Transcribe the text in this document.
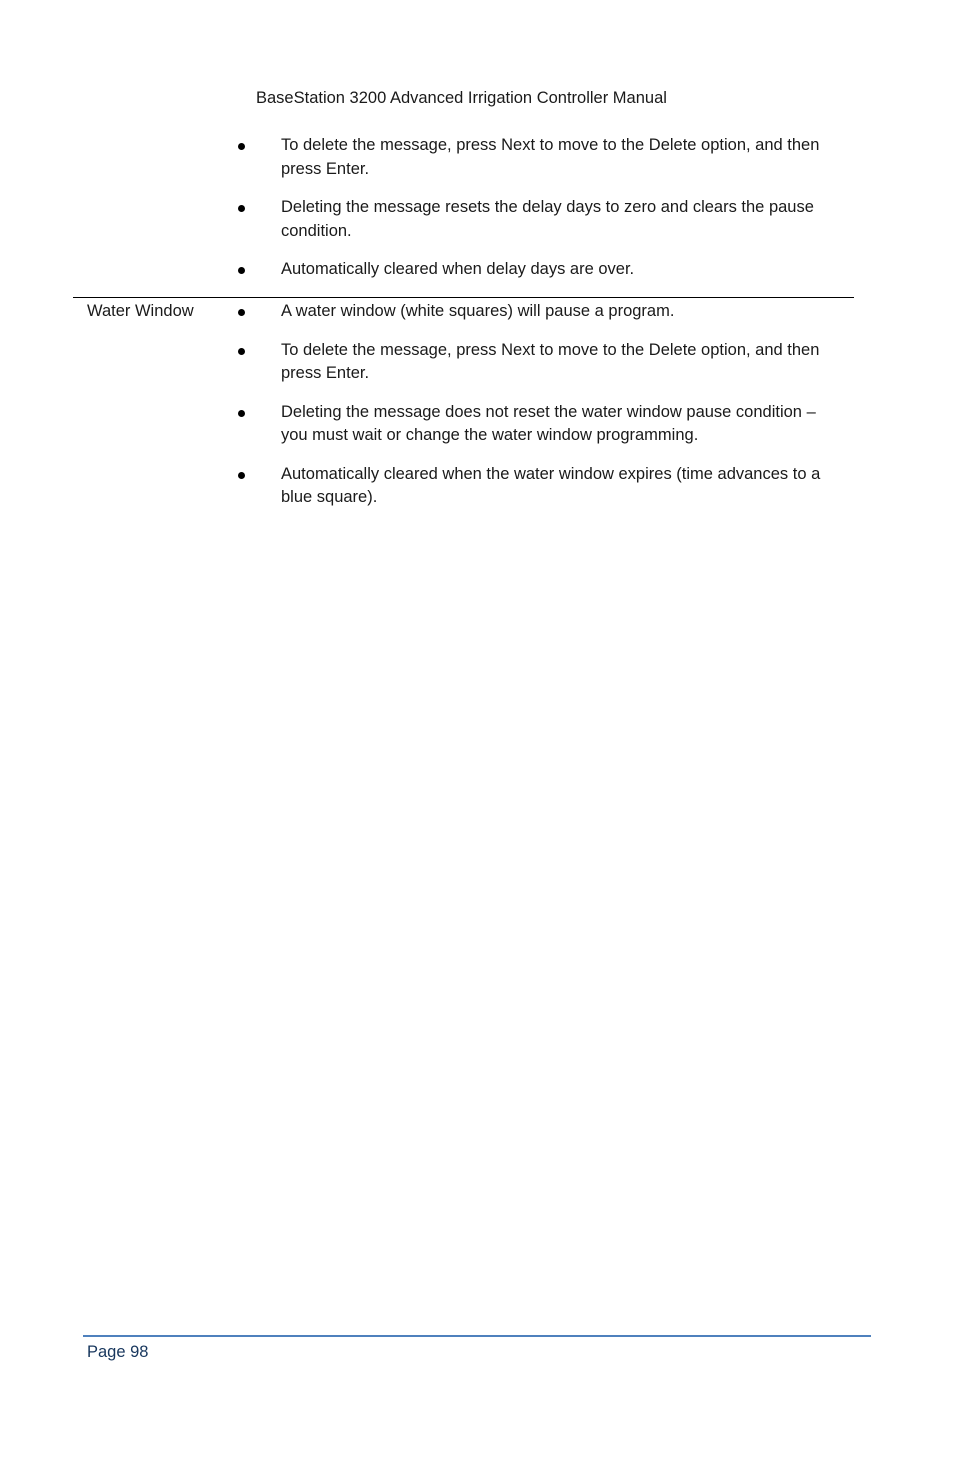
BaseStation 3200 Advanced Irrigation Controller Manual
To delete the message, press Next to move to the Delete option, and then press Enter.
Deleting the message resets the delay days to zero and clears the pause condition.
Automatically cleared when delay days are over.
Water Window	A water window (white squares) will pause a program.
To delete the message, press Next to move to the Delete option, and then press Enter.
Deleting the message does not reset the water window pause condition – you must wait or change the water window programming.
Automatically cleared when the water window expires (time advances to a blue square).
Page 98
